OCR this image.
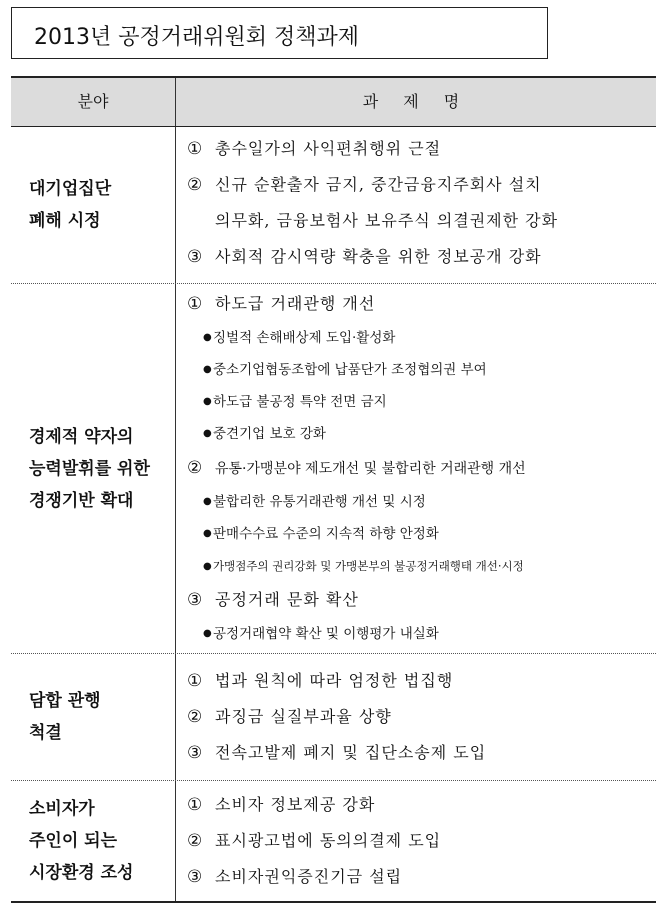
2013년 공정거래위원회 정책과제
분야	과 제 명
대기업집단
폐해 시정
① 총수일가의 사익편취행위 근절
② 신규 순환출자 금지, 중간금융지주회사 설치
의무화, 금융보험사 보유주식 의결권제한 강화
③ 사회적 감시역량 확충을 위한 정보공개 강화
경제적 약자의
능력발휘를 위한
경쟁기반 확대
① 하도급 거래관행 개선
●징벌적 손해배상제 도입·활성화
●중소기업협동조합에 납품단가 조정협의권 부여
●하도급 불공정 특약 전면 금지
●중견기업 보호 강화
② 유통·가맹분야 제도개선 및 불합리한 거래관행 개선
●불합리한 유통거래관행 개선 및 시정
●판매수수료 수준의 지속적 하향 안정화
●가맹점주의 권리강화 및 가맹본부의 불공정거래행태 개선·시정
③ 공정거래 문화 확산
●공정거래협약 확산 및 이행평가 내실화
담합 관행
척결
① 법과 원칙에 따라 엄정한 법집행
② 과징금 실질부과율 상향
③ 전속고발제 폐지 및 집단소송제 도입
소비자가
주인이 되는
시장환경 조성
① 소비자 정보제공 강화
② 표시광고법에 동의의결제 도입
③ 소비자권익증진기금 설립
